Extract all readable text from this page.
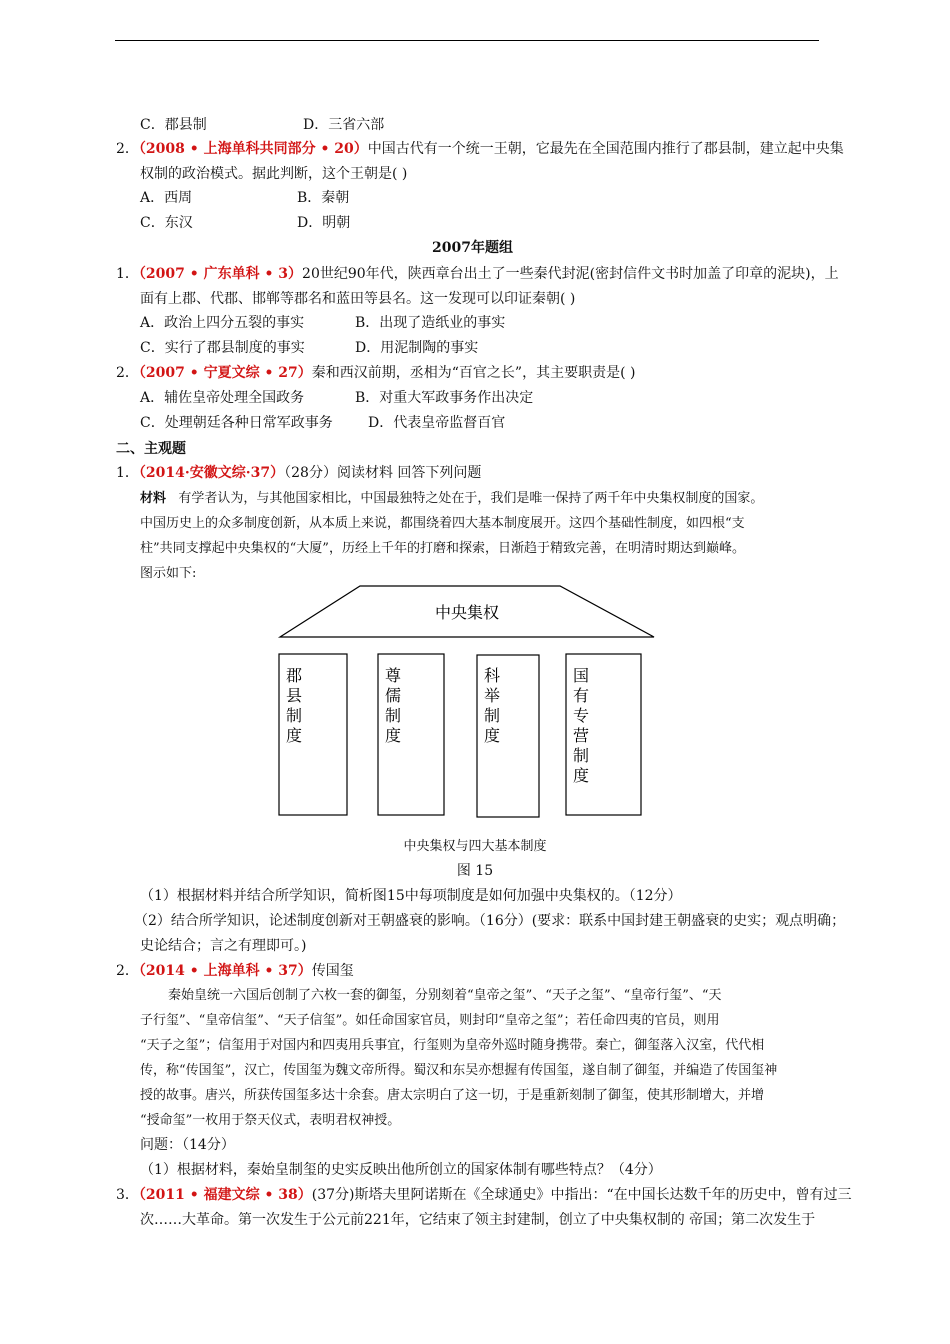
C．郡县制	D．三省六部
2．（2008 • 上海单科共同部分 • 20）中国古代有一个统一王朝，它最先在全国范围内推行了郡县制，建立起中央集
权制的政治模式。据此判断，这个王朝是( )
A．西周	B．秦朝
C．东汉	D．明朝
2007年题组
1．（2007 • 广东单科 • 3）20世纪90年代，陕西章台出土了一些秦代封泥(密封信件文书时加盖了印章的泥块)，上
面有上郡、代郡、邯郸等郡名和蓝田等县名。这一发现可以印证秦朝( )
A．政治上四分五裂的事实	B．出现了造纸业的事实
C．实行了郡县制度的事实	D．用泥制陶的事实
2．（2007 • 宁夏文综 • 27）秦和西汉前期，丞相为“百官之长”，其主要职责是( )
A．辅佐皇帝处理全国政务	B．对重大军政事务作出决定
C．处理朝廷各种日常军政事务	D．代表皇帝监督百官
二、主观题
1．（2014·安徽文综·37）（28分）阅读材料 回答下列问题
材料 有学者认为，与其他国家相比，中国最独特之处在于，我们是唯一保持了两千年中央集权制度的国家。
中国历史上的众多制度创新，从本质上来说，都围绕着四大基本制度展开。这四个基础性制度，如四根“支
柱”共同支撑起中央集权的“大厦”，历经上千年的打磨和探索，日渐趋于精致完善，在明清时期达到巅峰。
图示如下:
中央集权
郡
县
制
度
尊
儒
制
度
科
举
制
度
国
有
专
营
制
度
中央集权与四大基本制度
图 15
（1）根据材料并结合所学知识，简析图15中每项制度是如何加强中央集权的。（12分）
（2）结合所学知识，论述制度创新对王朝盛衰的影响。（16分）(要求：联系中国封建王朝盛衰的史实；观点明确；
史论结合；言之有理即可。)
2．（2014 • 上海单科 • 37）传国玺
秦始皇统一六国后创制了六枚一套的御玺，分别刻着“皇帝之玺”、“天子之玺”、“皇帝行玺”、“天
子行玺”、“皇帝信玺”、“天子信玺”。如任命国家官员，则封印“皇帝之玺”；若任命四夷的官员，则用
“天子之玺”；信玺用于对国内和四夷用兵事宜，行玺则为皇帝外巡时随身携带。秦亡，御玺落入汉室，代代相
传，称“传国玺”，汉亡，传国玺为魏文帝所得。蜀汉和东吴亦想握有传国玺，遂自制了御玺，并编造了传国玺神
授的故事。唐兴，所获传国玺多达十余套。唐太宗明白了这一切，于是重新刻制了御玺，使其形制增大，并增
“授命玺”一枚用于祭天仪式，表明君权神授。
问题：（14分）
（1）根据材料，秦始皇制玺的史实反映出他所创立的国家体制有哪些特点？（4分）
3．（2011 • 福建文综 • 38）(37分)斯塔夫里阿诺斯在《全球通史》中指出：“在中国长达数千年的历史中，曾有过三
次……大革命。第一次发生于公元前221年，它结束了领主封建制，创立了中央集权制的 帝国；第二次发生于
